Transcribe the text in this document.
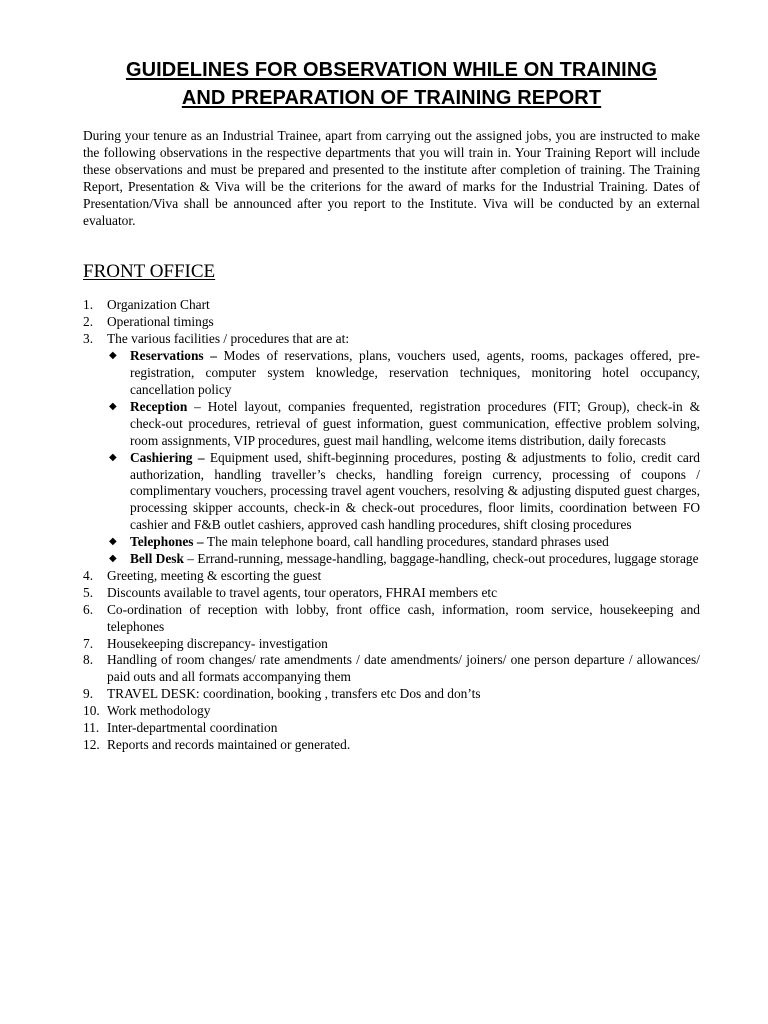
GUIDELINES FOR OBSERVATION WHILE ON TRAINING
AND PREPARATION OF TRAINING REPORT

During your tenure as an Industrial Trainee, apart from carrying out the assigned jobs, you are instructed to make the following observations in the respective departments that you will train in. Your Training Report will include these observations and must be prepared and presented to the institute after completion of training. The Training Report, Presentation & Viva will be the criterions for the award of marks for the Industrial Training. Dates of Presentation/Viva shall be announced after you report to the Institute. Viva will be conducted by an external evaluator.

FRONT OFFICE
1. Organization Chart
2. Operational timings
3. The various facilities / procedures that are at:
◆ Reservations – Modes of reservations, plans, vouchers used, agents, rooms, packages offered, pre-registration, computer system knowledge, reservation techniques, monitoring hotel occupancy, cancellation policy
◆ Reception – Hotel layout, companies frequented, registration procedures (FIT; Group), check-in & check-out procedures, retrieval of guest information, guest communication, effective problem solving, room assignments, VIP procedures, guest mail handling, welcome items distribution, daily forecasts
◆ Cashiering – Equipment used, shift-beginning procedures, posting & adjustments to folio, credit card authorization, handling traveller’s checks, handling foreign currency, processing of coupons / complimentary vouchers, processing travel agent vouchers, resolving & adjusting disputed guest charges, processing skipper accounts, check-in & check-out procedures, floor limits, coordination between FO cashier and F&B outlet cashiers, approved cash handling procedures, shift closing procedures
◆ Telephones – The main telephone board, call handling procedures, standard phrases used
◆ Bell Desk – Errand-running, message-handling, baggage-handling, check-out procedures, luggage storage
4. Greeting, meeting & escorting the guest
5. Discounts available to travel agents, tour operators, FHRAI members etc
6. Co-ordination of reception with lobby, front office cash, information, room service, housekeeping and telephones
7. Housekeeping discrepancy- investigation
8. Handling of room changes/ rate amendments / date amendments/ joiners/ one person departure / allowances/ paid outs and all formats accompanying them
9. TRAVEL DESK: coordination, booking , transfers etc Dos and don’ts
10. Work methodology
11. Inter-departmental coordination
12. Reports and records maintained or generated.
